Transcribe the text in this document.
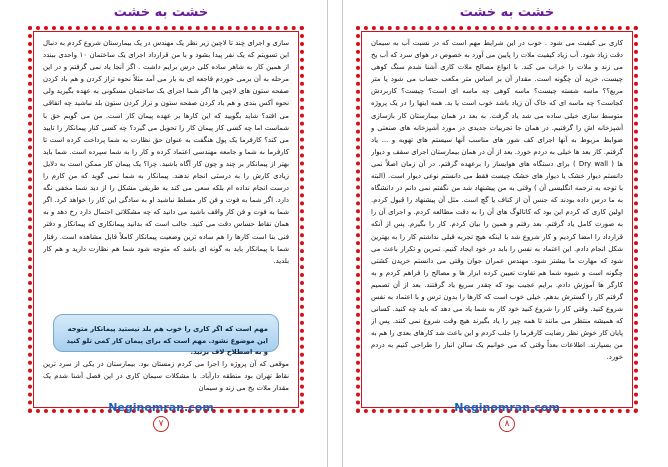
خشت به خشت

سازی و اجرای چند تا لاچین زیر نظر یک مهندس در یک بیمارستان شروع کردم به دنبال این تسویتم که یک نفر پیدا بشود و با من قرارداد اجرای یک ساختمان ۱۰ واحدی ببندد از همین کار به شاهر ساده کلی درس برایم داشت . اگر آنجا یاد نمی گرفتم و در این مرحله به آن برمی خوردم فاجعه ای به بار می آمد مثلاً نحوه تراز کردن و هم باد کردن صفحه ستون های لاچین ها اگر شما اجرای یک ساختمان مسکونی به عهده بگیرید ولی نحوه آکس بندی و هم باد کردن صفحه ستون و تراز کردن ستون بلد نباشید چه اتفاقی می افتد؟ شاید بگویید که این کارها بر عهده پیمان کار است. من می گویم حق با شماست اما چه کسی کار پیمان کار را تحویل می گیرد؟ چه کسی کنار پیمانکار را تایید می کند؟ کارفرما یک پول هنگفت به عنوان حق نظارت به شما پرداخت کرده است تا کارفرما به شما و جامعه مهندسی اعتماد کرده و کار را به شما سپرده است. شما باید بهتر از پیمانکار بر چند و چون کار آگاه باشید. چرا؟ یک پیمان کار ممکن است به دلایل زیادی کارش را به درستی انجام ندهند. پیمانکار به شما نمی گوید که من کارم را درست انجام نداده ام بلکه سعی می کند به طریقی مشکل را از دید شما مخفی نگه دارد. اگر شما به فوت و فن کار مسلط نباشید او به سادگی این کار را خواهد کرد. اگر شما به فوت و فن کار واقف باشید می دانید که چه مشکلاتی احتمال دارد رخ دهد و به همان نقاط حساس دقت می کنید. جالب است که بدانید پیمانکاری که پیمانکار و دفتر فنی بنا است کارها را هم ساده ترین وضعیت پیمانکار کاملاً قابل مشاهده است. رفتار شما با پیمانکار باید به گونه ای باشد که متوجه شود شما هم نظارت دارید و هم کار بلدید.

مهم است که اگر کاری را خوب هم بلد نیستید پیمانکار متوجه این موضوع نشود. مهم است که برای پیمان کار کمی تلو کنید و به اصطلاح لاف بزنید.

موقعی که آن پروژه را اجرا می کردم زمستان بود. بیمارستان در یکی از سرد ترین نقاط تهران بود منطقه دارآباد. با مشکلات سیمان کاری در این فصل آشنا شدم یک مقدار ملات یخ می زند و سیمان

Neginomran.com
۷
خشت به خشت

کاری بی کیفیت می شود . خوب در این شرایط مهم است که در نسبت آب به سیمان دقت زیاد شود. آب زیاد کیفیت ملات را پایین می آورد به خصوص در هوای سرد که آب یخ می زند و ملات را خراب می کند. با انواع مصالح ملات کاری آشنا شدم سنگ کوهی چیست، خرید آن چگونه است. مقدار آن بر اساس متر مکعب حساب می شود یا متر مربع؟؟ ماسه شسته چیست؟ ماسه کوهی چه ماسه ای است؟ چیست؟ کاربردش کجاست؟ چه ماسه ای که خاک آن زیاد باشد خوب است یا بد. همه اینها را در یک پروژه متوسط سازی خیلی ساده می شد یاد گرفت. به بعد در همان بیمارستان کار بازسازی آشپزخانه اش را گرفتیم. در همان جا تجربیات جدیدی در مورد آشپزخانه های صنعتی و ضوابط مربوط به آنها اجرای کف شور های مناسب آنها سیستم های تهویه و ... یاد گرفتم. کار بعد ها خیلی به دردم خورد. بعد از آن در همان بیمارستان اجرای سقف و دیوار ها ( Dry wall ) برای دستگاه های هوایساز را برعهده گرفتم. در آن زمان اصلاً نمی دانستم دیوار خشک یا دیوار های خشک چیست فقط می دانستم نوعی دیوار است. (البته با توجه به ترجمه انگلیسی آن ) وقتی به من پیشنهاد شد من نگفتم نمی دانم در دانشگاه به ما درس داده بودند که جنس آن از کناف یا گچ است. مثل آن پیشنهاد را قبول کردم. اولین کاری که کردم این بود که کاتالوگ های آن را به دقت مطالعه کردم. و اجرای آن را به صورت کامل یاد گرفتم. بعد رفتم و همین را بیان کردم. کار را بگیرم. پس از آنکه قرارداد را امضا کردیم و کار شروع شد با اینکه هیچ تجربه قبلی نداشتم کار را به بهترین شکل انجام دادم. این اعتماد به نفس را باید در خود ایجاد کنیم. تمرین و تکرار باعث می شود که مهارت ما بیشتر شود. مهندس عمران جوان وقتی می دانستم خریدن کشتی چگونه است و شیوه شما هم تفاوت تعیین کرده ابزار ها و مصالح را فراهم کردم و به کارگر ها آموزش دادم. برایم عجیب بود که چقدر سریع یاد گرفتند. بعد از آن تصمیم گرفتم کار را گسترش بدهم. خیلی خوب است که کارها را بدون ترس و با اعتماد به نفس شروع کنید. وقتی کار را شروع کنید خود کار به شما یاد می دهد که باید چه کنید. کسانی که همیشه منتظر می مانند تا همه چیز را یاد بگیرند هیچ وقت شروع نمی کنند. پس از پایان کار خوش نظر رضایت کارفرما را جلب کردم و این باعث شد کارهای بعدی را هم به من بسپارند. اطلاعات بعداً وقتی که می خوانیم یک سالن انبار را طراحی کنیم به دردم خورد.

Neginomran.com
۸
